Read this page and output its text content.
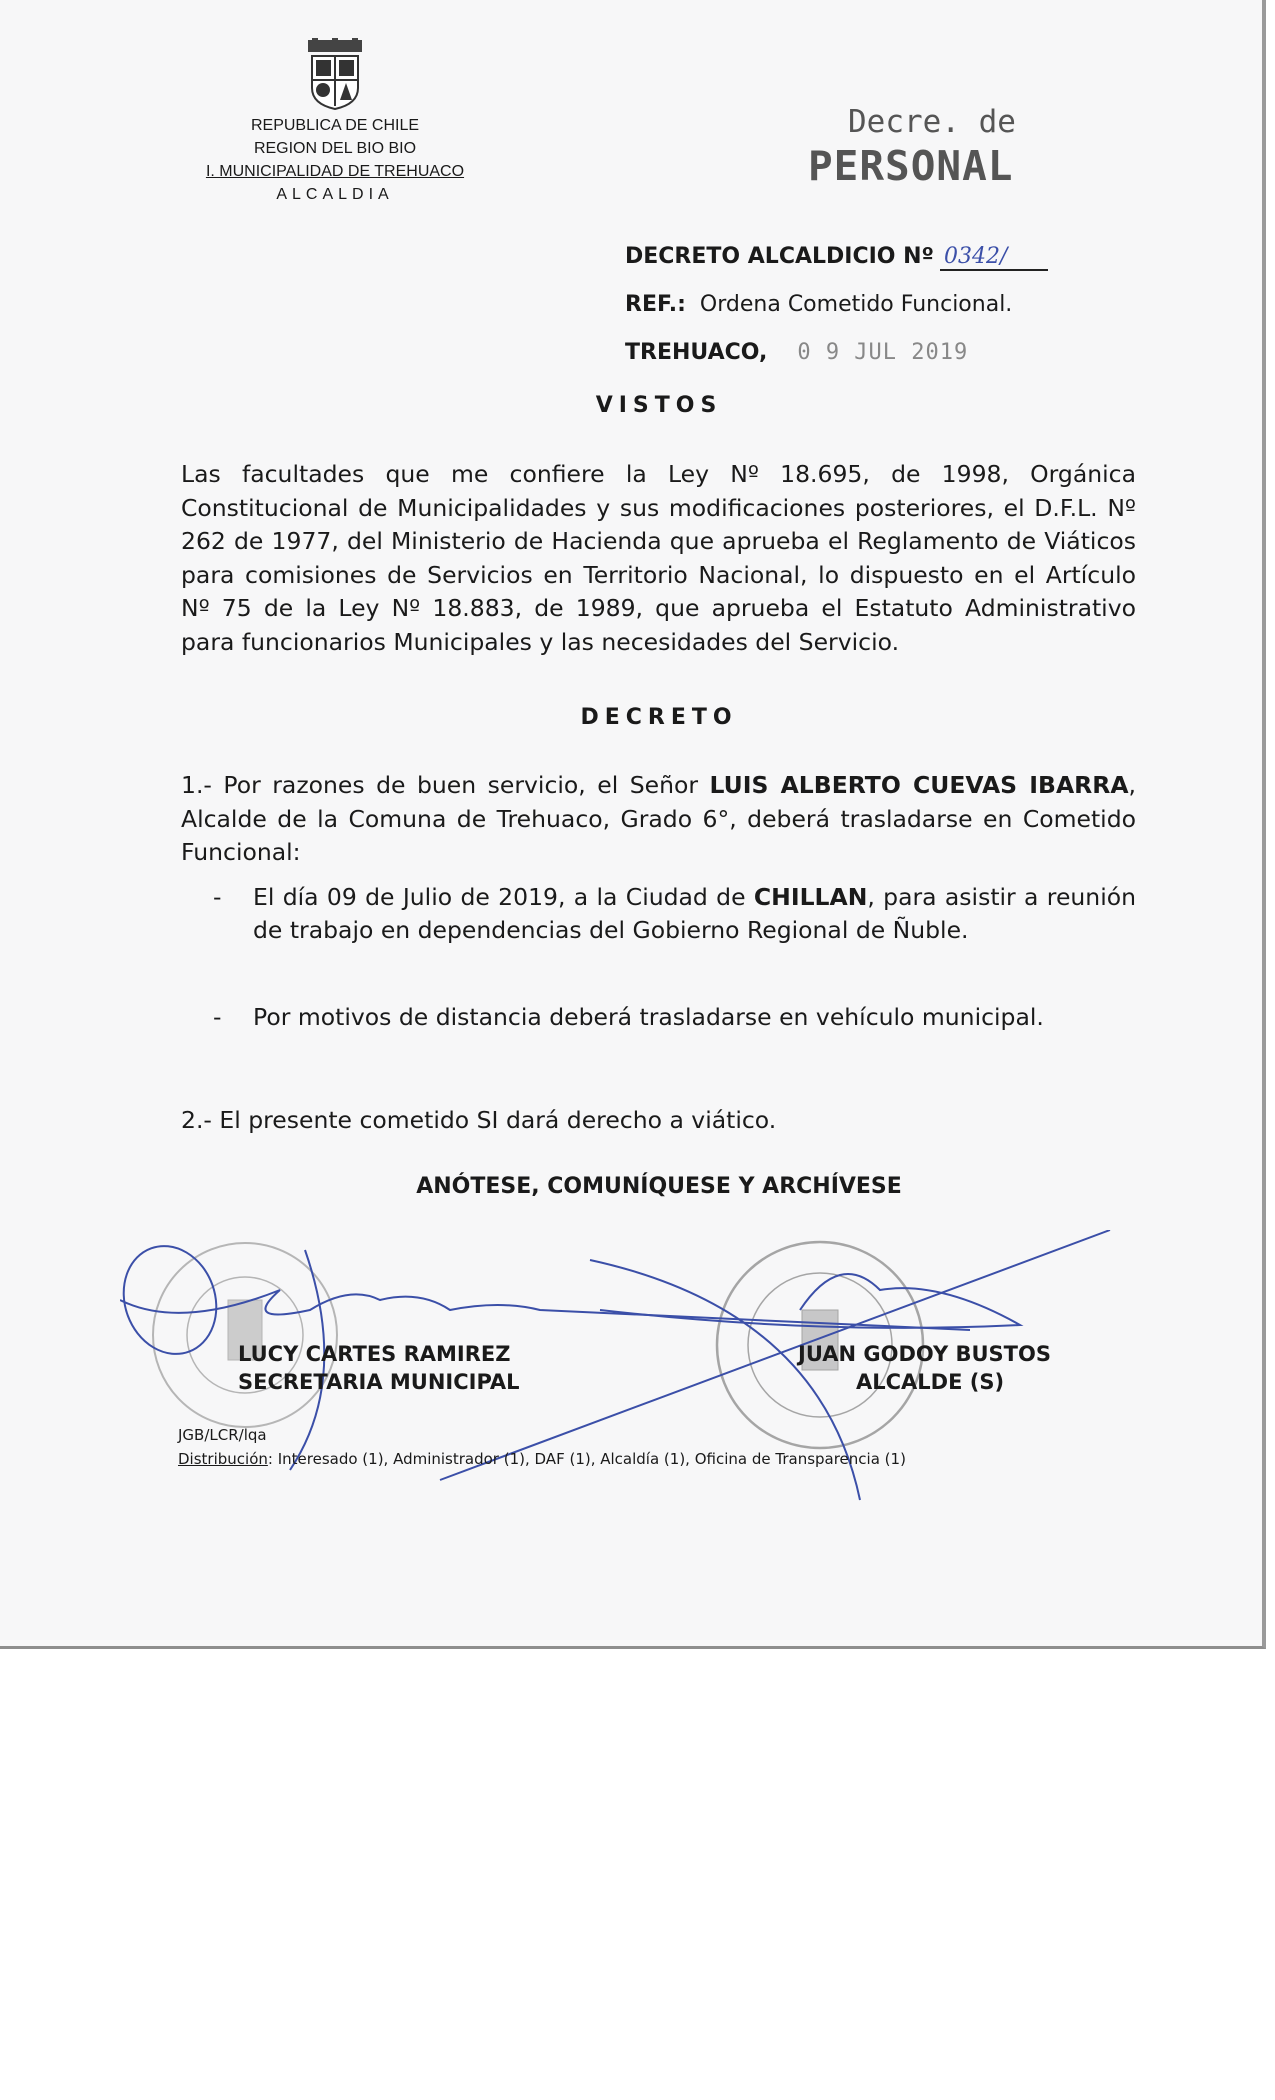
REPUBLICA DE CHILE
REGION DEL BIO BIO
I. MUNICIPALIDAD DE TREHUACO
ALCALDIA
Decre. de
PERSONAL
DECRETO ALCALDICIO Nº 0342/
REF.: Ordena Cometido Funcional.
TREHUACO, 0 9 JUL 2019
VISTOS
Las facultades que me confiere la Ley Nº 18.695, de 1998, Orgánica Constitucional de Municipalidades y sus modificaciones posteriores, el D.F.L. Nº 262 de 1977, del Ministerio de Hacienda que aprueba el Reglamento de Viáticos para comisiones de Servicios en Territorio Nacional, lo dispuesto en el Artículo Nº 75 de la Ley Nº 18.883, de 1989, que aprueba el Estatuto Administrativo para funcionarios Municipales y las necesidades del Servicio.
DECRETO
1.- Por razones de buen servicio, el Señor LUIS ALBERTO CUEVAS IBARRA, Alcalde de la Comuna de Trehuaco, Grado 6°, deberá trasladarse en Cometido Funcional:
- El día 09 de Julio de 2019, a la Ciudad de CHILLAN, para asistir a reunión de trabajo en dependencias del Gobierno Regional de Ñuble.
- Por motivos de distancia deberá trasladarse en vehículo municipal.
2.- El presente cometido SI dará derecho a viático.
ANÓTESE, COMUNÍQUESE Y ARCHÍVESE
LUCY CARTES RAMIREZ
SECRETARIA MUNICIPAL
JUAN GODOY BUSTOS
ALCALDE (S)
JGB/LCR/lqa
Distribución: Interesado (1), Administrador (1), DAF (1), Alcaldía (1), Oficina de Transparencia (1)
